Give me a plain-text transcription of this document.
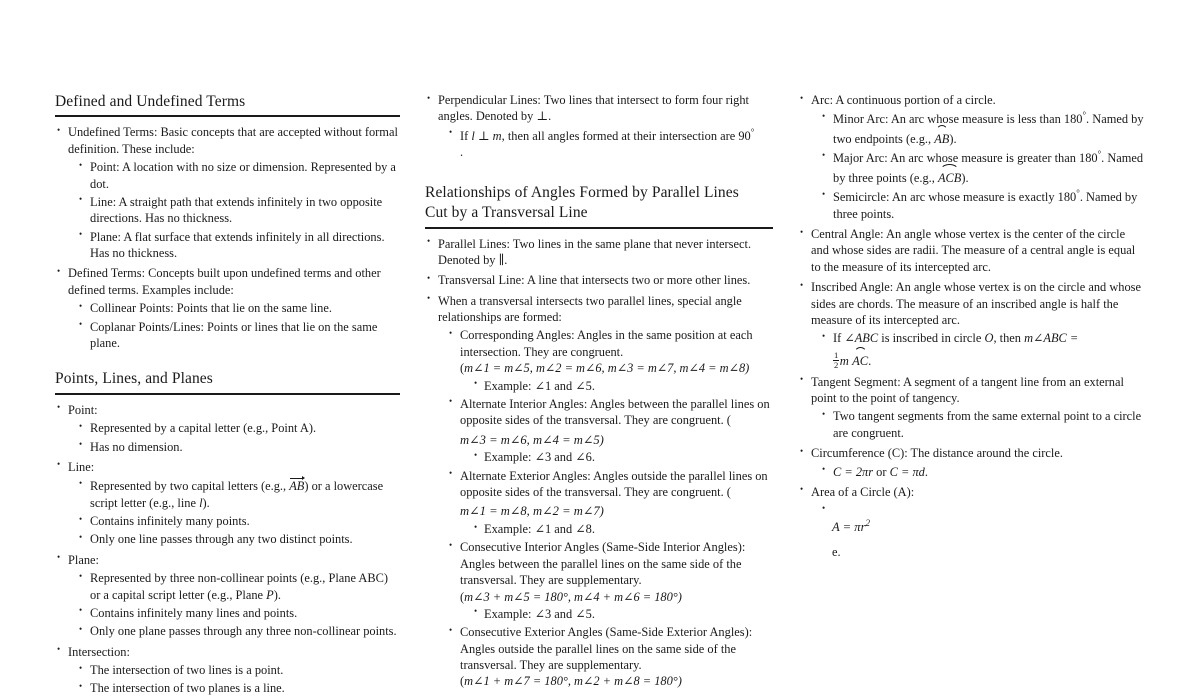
Defined and Undefined Terms
• Undefined Terms: Basic concepts that are accepted without formal definition. These include:
• Point: A location with no size or dimension. Represented by a dot.
• Line: A straight path that extends infinitely in two opposite directions. Has no thickness.
• Plane: A flat surface that extends infinitely in all directions. Has no thickness.
• Defined Terms: Concepts built upon undefined terms and other defined terms. Examples include:
• Collinear Points: Points that lie on the same line.
• Coplanar Points/Lines: Points or lines that lie on the same plane.
Points, Lines, and Planes
• Point:
• Represented by a capital letter (e.g., Point A).
• Has no dimension.
• Line:
• Represented by two capital letters (e.g.,
AB) or a lowercase script letter (e.g., line l).
• Contains infinitely many points.
• Only one line passes through any two distinct points.
• Plane:
• Represented by three non-collinear points (e.g., Plane ABC) or a capital script letter (e.g., Plane P).
• Contains infinitely many lines and points.
• Only one plane passes through any three non-collinear points.
• Intersection:
• The intersection of two lines is a point.
• The intersection of two planes is a line.
• Perpendicular Lines: Two lines that intersect to form four right angles. Denoted by ⊥.
• If l ⊥ m, then all angles formed at their intersection are 90°
.
Relationships of Angles Formed by Parallel Lines
Cut by a Transversal Line
• Parallel Lines: Two lines in the same plane that never intersect. Denoted by ∥.
• Transversal Line: A line that intersects two or more other lines.
• When a transversal intersects two parallel lines, special angle relationships are formed:
• Corresponding Angles: Angles in the same position at each intersection. They are congruent. (m∠1 = m∠5, m∠2 = m∠6, m∠3 = m∠7, m∠4 = m∠8)
• Example: ∠1 and ∠5.
• Alternate Interior Angles: Angles between the parallel lines on opposite sides of the transversal. They are congruent. (
m∠3 = m∠6, m∠4 = m∠5)
• Example: ∠3 and ∠6.
• Alternate Exterior Angles: Angles outside the parallel lines on opposite sides of the transversal. They are congruent. (
m∠1 = m∠8, m∠2 = m∠7)
• Example: ∠1 and ∠8.
• Consecutive Interior Angles (Same-Side Interior Angles): Angles between the parallel lines on the same side of the transversal. They are supplementary. (m∠3 + m∠5 = 180°, m∠4 + m∠6 = 180°)
• Example: ∠3 and ∠5.
• Consecutive Exterior Angles (Same-Side Exterior Angles): Angles outside the parallel lines on the same side of the transversal. They are supplementary. (m∠1 + m∠7 = 180°, m∠2 + m∠8 = 180°)
• Arc: A continuous portion of a circle.
• Minor Arc: An arc whose measure is less than 180°. Named by two endpoints (e.g.,
AB).
• Major Arc: An arc whose measure is greater than 180°. Named by three points (e.g.,
ACB).
• Semicircle: An arc whose measure is exactly 180°. Named by three points.
• Central Angle: An angle whose vertex is the center of the circle and whose sides are radii. The measure of a central angle is equal to the measure of its intercepted arc.
• Inscribed Angle: An angle whose vertex is on the circle and whose sides are chords. The measure of an inscribed angle is half the measure of its intercepted arc.
• If ∠ABC is inscribed in circle O, then m∠ABC =
$\frac{1}{2}$ m AC.
• Tangent Segment: A segment of a tangent line from an external point to the point of tangency.
• Two tangent segments from the same external point to a circle are congruent.
• Circumference (C): The distance around the circle.
• C = 2πr or C = πd.
• Area of a Circle (A):
•
$A = \pi r^2$
e.
